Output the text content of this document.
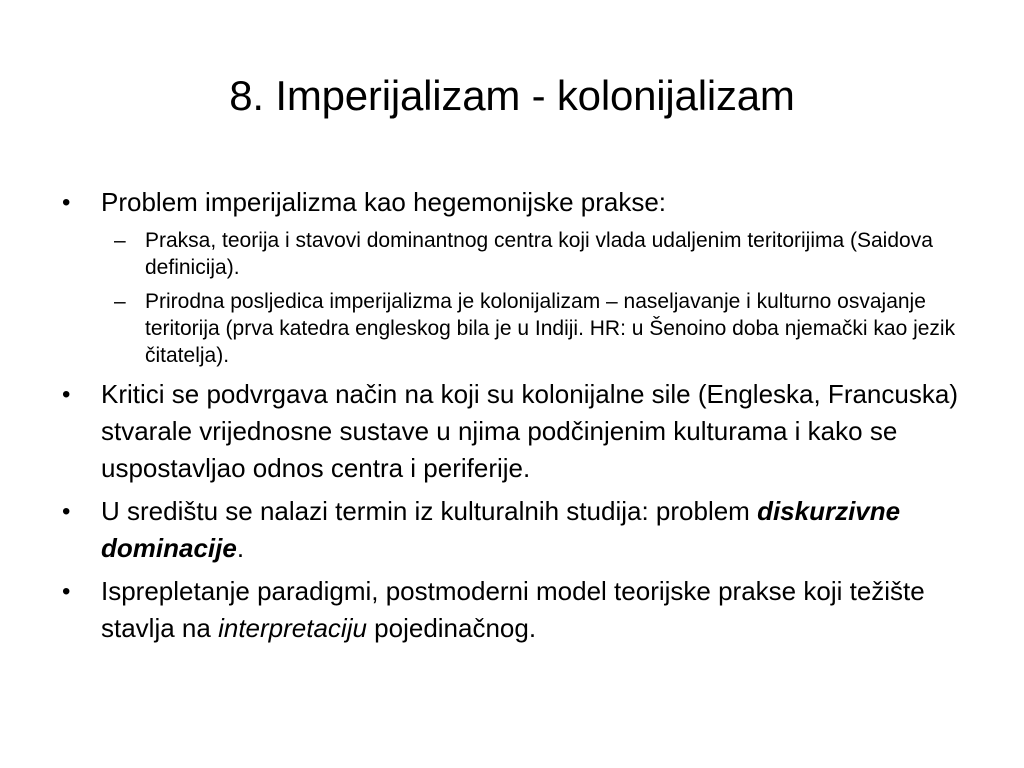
8. Imperijalizam - kolonijalizam
• Problem imperijalizma kao hegemonijske prakse:
– Praksa, teorija i stavovi dominantnog centra koji vlada udaljenim teritorijima (Saidova definicija).
– Prirodna posljedica imperijalizma je kolonijalizam – naseljavanje i kulturno osvajanje teritorija (prva katedra engleskog bila je u Indiji. HR: u Šenoino doba njemački kao jezik čitatelja).
• Kritici se podvrgava način na koji su kolonijalne sile (Engleska, Francuska) stvarale vrijednosne sustave u njima podčinjenim kulturama i kako se uspostavljao odnos centra i periferije.
• U središtu se nalazi termin iz kulturalnih studija: problem diskurzivne dominacije.
• Isprepletanje paradigmi, postmoderni model teorijske prakse koji težište stavlja na interpretaciju pojedinačnog.
